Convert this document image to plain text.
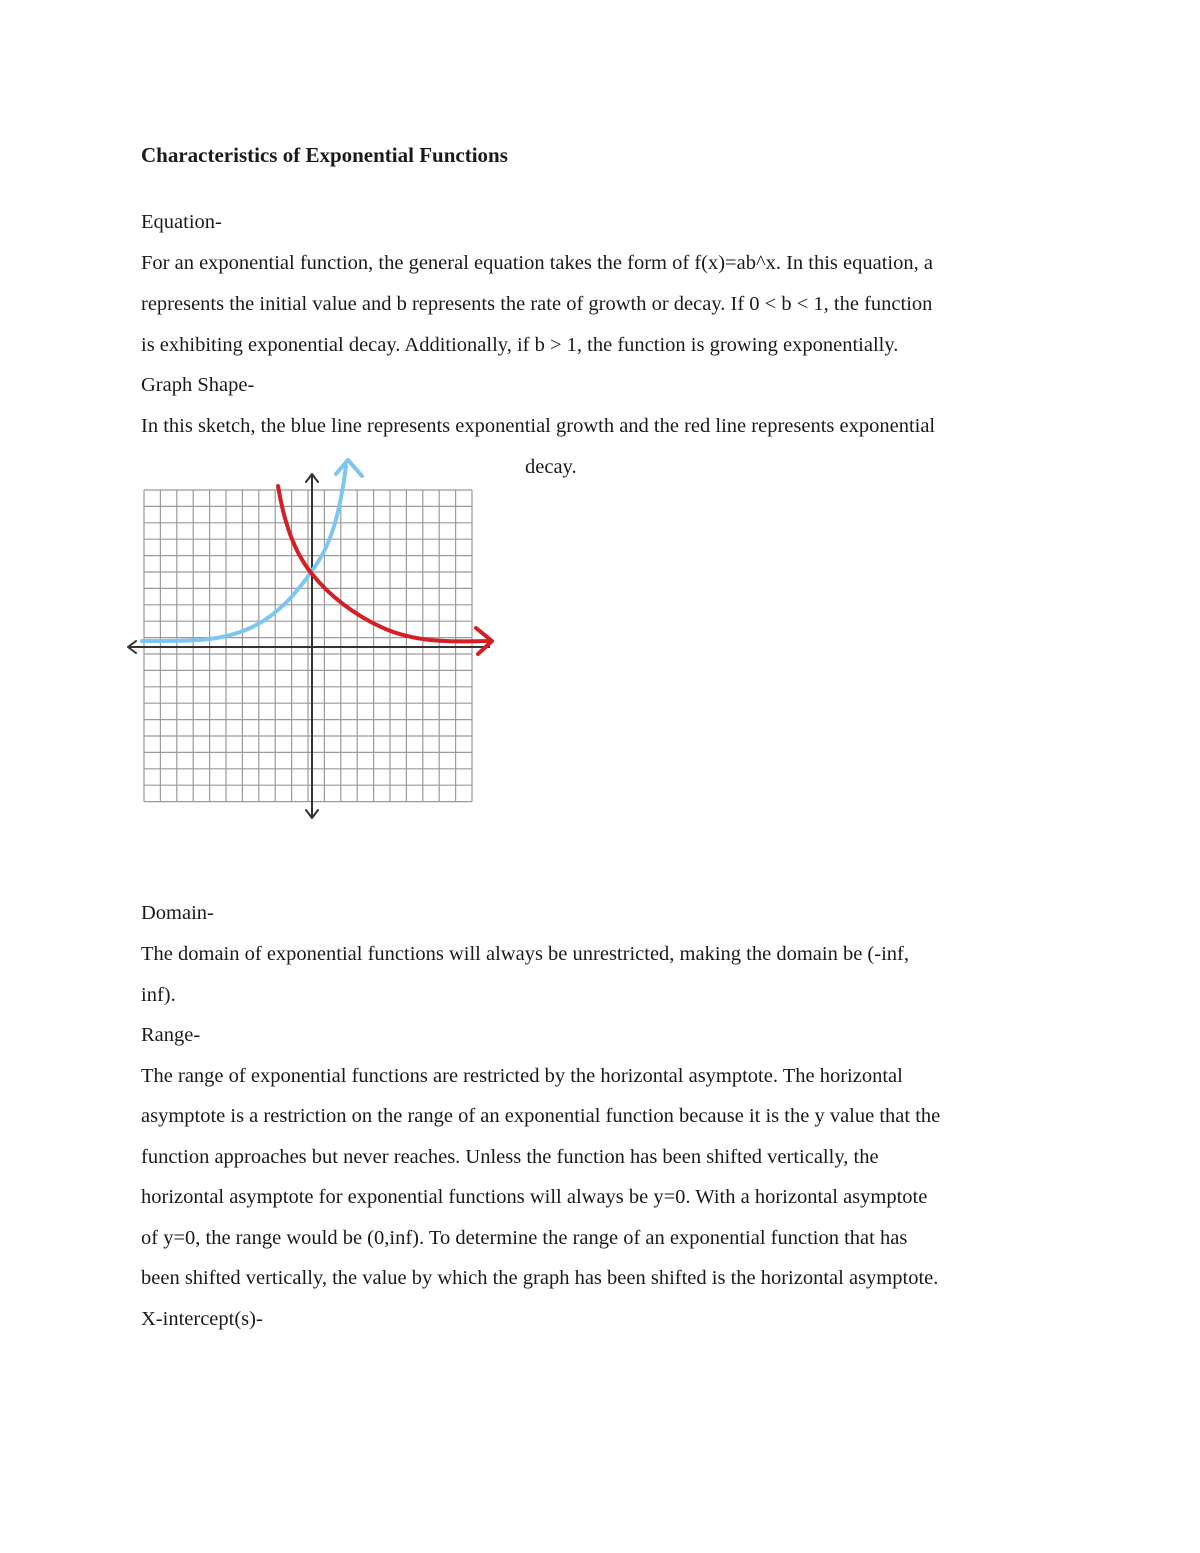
Characteristics of Exponential Functions
Equation-
For an exponential function, the general equation takes the form of f(x)=ab^x. In this equation, a
represents the initial value and b represents the rate of growth or decay. If 0 < b < 1, the function
is exhibiting exponential decay. Additionally, if b > 1, the function is growing exponentially.
Graph Shape-
In this sketch, the blue line represents exponential growth and the red line represents exponential
decay.
Domain-
The domain of exponential functions will always be unrestricted, making the domain be (-inf,
inf).
Range-
The range of exponential functions are restricted by the horizontal asymptote. The horizontal
asymptote is a restriction on the range of an exponential function because it is the y value that the
function approaches but never reaches. Unless the function has been shifted vertically, the
horizontal asymptote for exponential functions will always be y=0. With a horizontal asymptote
of y=0, the range would be (0,inf). To determine the range of an exponential function that has
been shifted vertically, the value by which the graph has been shifted is the horizontal asymptote.
X-intercept(s)-
